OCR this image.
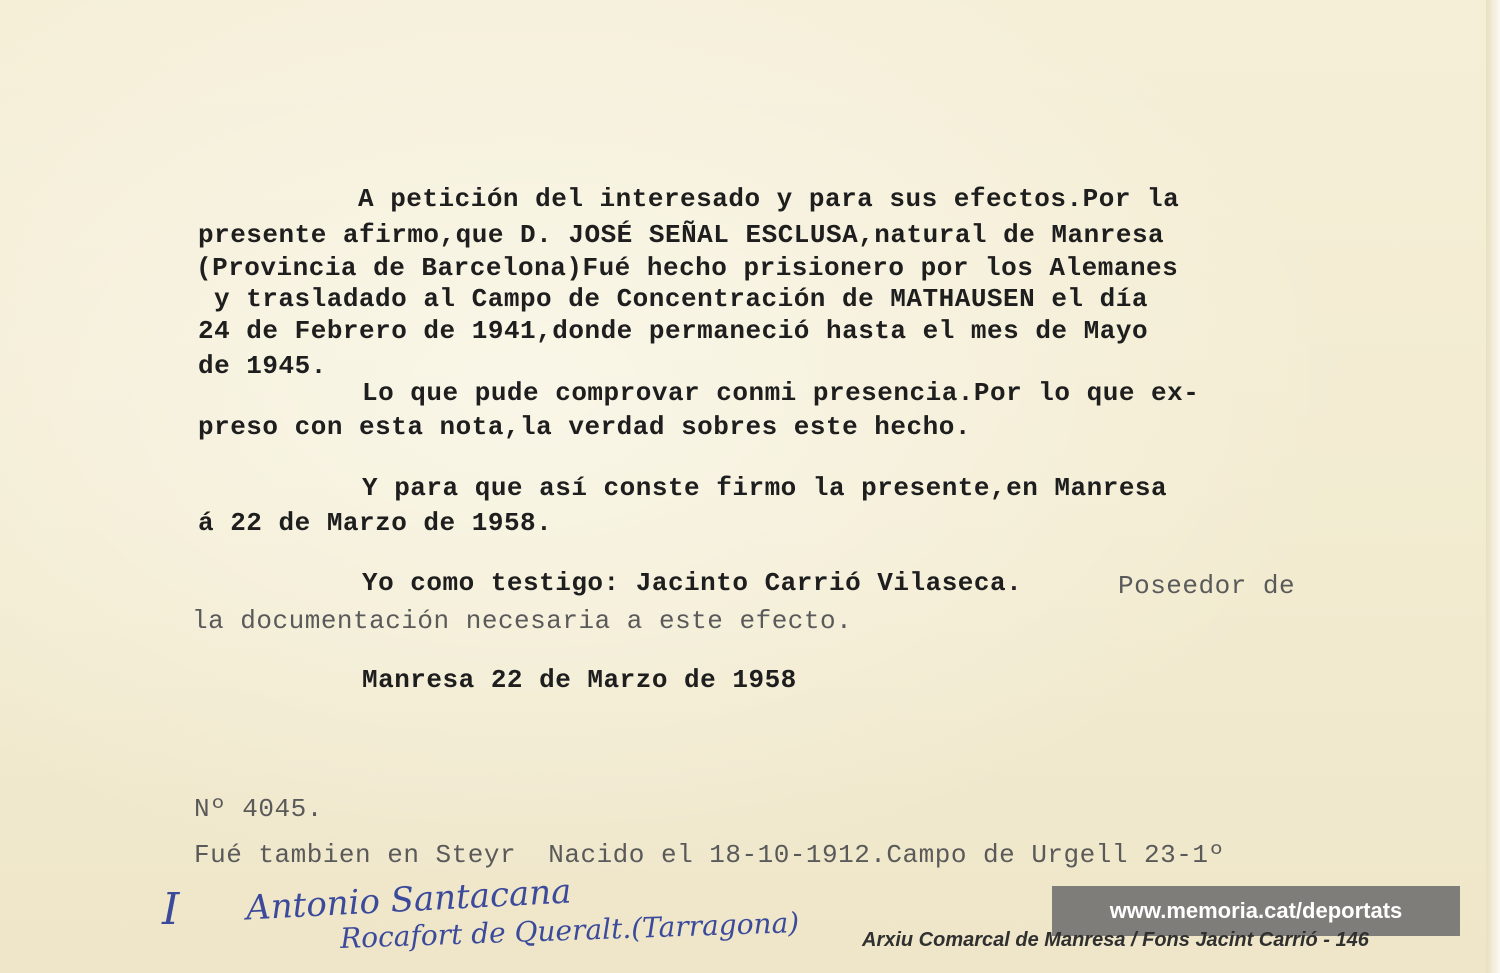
A petición del interesado y para sus efectos.Por la
presente afirmo,que D. JOSÉ SEÑAL ESCLUSA,natural de Manresa
(Provincia de Barcelona)Fué hecho prisionero por los Alemanes
y trasladado al Campo de Concentración de MATHAUSEN el día
24 de Febrero de 1941,donde permaneció hasta el mes de Mayo
de 1945.
Lo que pude comprovar conmi presencia.Por lo que ex-
preso con esta nota,la verdad sobres este hecho.
Y para que así conste firmo la presente,en Manresa
á 22 de Marzo de 1958.
Yo como testigo: Jacinto Carrió Vilaseca.	Poseedor de
la documentación necesaria a este efecto.
Manresa 22 de Marzo de 1958
Nº 4045.
Fué tambien en Steyr  Nacido el 18-10-1912.Campo de Urgell 23-1º
I Antonio Santacana
Rocafort de Queralt.(Tarragona)	www.memoria.cat/deportats
Arxiu Comarcal de Manresa / Fons Jacint Carrió - 146
